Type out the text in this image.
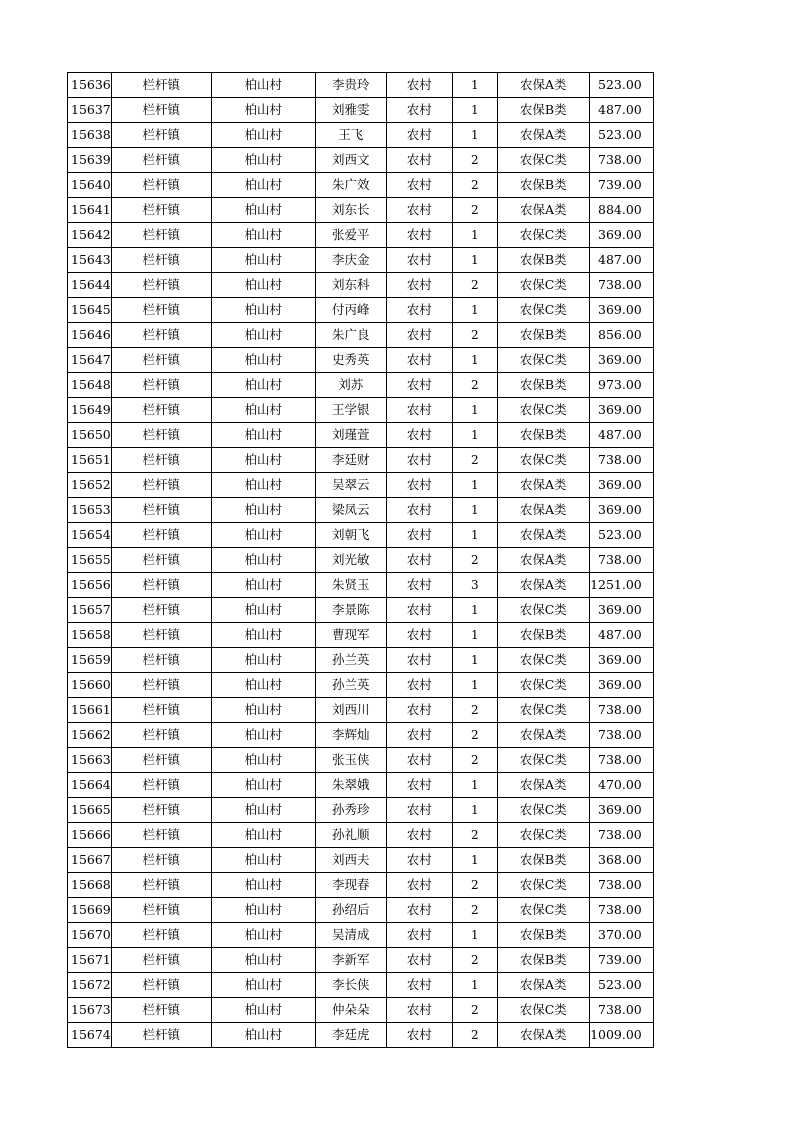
15636	栏杆镇	柏山村	李贵玲	农村	1	农保A类	523.00
15637	栏杆镇	柏山村	刘雅雯	农村	1	农保B类	487.00
15638	栏杆镇	柏山村	王飞	农村	1	农保A类	523.00
15639	栏杆镇	柏山村	刘西文	农村	2	农保C类	738.00
15640	栏杆镇	柏山村	朱广效	农村	2	农保B类	739.00
15641	栏杆镇	柏山村	刘东长	农村	2	农保A类	884.00
15642	栏杆镇	柏山村	张爱平	农村	1	农保C类	369.00
15643	栏杆镇	柏山村	李庆金	农村	1	农保B类	487.00
15644	栏杆镇	柏山村	刘东科	农村	2	农保C类	738.00
15645	栏杆镇	柏山村	付丙峰	农村	1	农保C类	369.00
15646	栏杆镇	柏山村	朱广良	农村	2	农保B类	856.00
15647	栏杆镇	柏山村	史秀英	农村	1	农保C类	369.00
15648	栏杆镇	柏山村	刘苏	农村	2	农保B类	973.00
15649	栏杆镇	柏山村	王学银	农村	1	农保C类	369.00
15650	栏杆镇	柏山村	刘瑾萱	农村	1	农保B类	487.00
15651	栏杆镇	柏山村	李廷财	农村	2	农保C类	738.00
15652	栏杆镇	柏山村	吴翠云	农村	1	农保A类	369.00
15653	栏杆镇	柏山村	梁凤云	农村	1	农保A类	369.00
15654	栏杆镇	柏山村	刘朝飞	农村	1	农保A类	523.00
15655	栏杆镇	柏山村	刘光敏	农村	2	农保A类	738.00
15656	栏杆镇	柏山村	朱贤玉	农村	3	农保A类	1251.00
15657	栏杆镇	柏山村	李景陈	农村	1	农保C类	369.00
15658	栏杆镇	柏山村	曹现军	农村	1	农保B类	487.00
15659	栏杆镇	柏山村	孙兰英	农村	1	农保C类	369.00
15660	栏杆镇	柏山村	孙兰英	农村	1	农保C类	369.00
15661	栏杆镇	柏山村	刘西川	农村	2	农保C类	738.00
15662	栏杆镇	柏山村	李辉灿	农村	2	农保A类	738.00
15663	栏杆镇	柏山村	张玉侠	农村	2	农保C类	738.00
15664	栏杆镇	柏山村	朱翠娥	农村	1	农保A类	470.00
15665	栏杆镇	柏山村	孙秀珍	农村	1	农保C类	369.00
15666	栏杆镇	柏山村	孙礼顺	农村	2	农保C类	738.00
15667	栏杆镇	柏山村	刘西夫	农村	1	农保B类	368.00
15668	栏杆镇	柏山村	李现春	农村	2	农保C类	738.00
15669	栏杆镇	柏山村	孙绍后	农村	2	农保C类	738.00
15670	栏杆镇	柏山村	吴清成	农村	1	农保B类	370.00
15671	栏杆镇	柏山村	李新军	农村	2	农保B类	739.00
15672	栏杆镇	柏山村	李长侠	农村	1	农保A类	523.00
15673	栏杆镇	柏山村	仲朵朵	农村	2	农保C类	738.00
15674	栏杆镇	柏山村	李廷虎	农村	2	农保A类	1009.00
